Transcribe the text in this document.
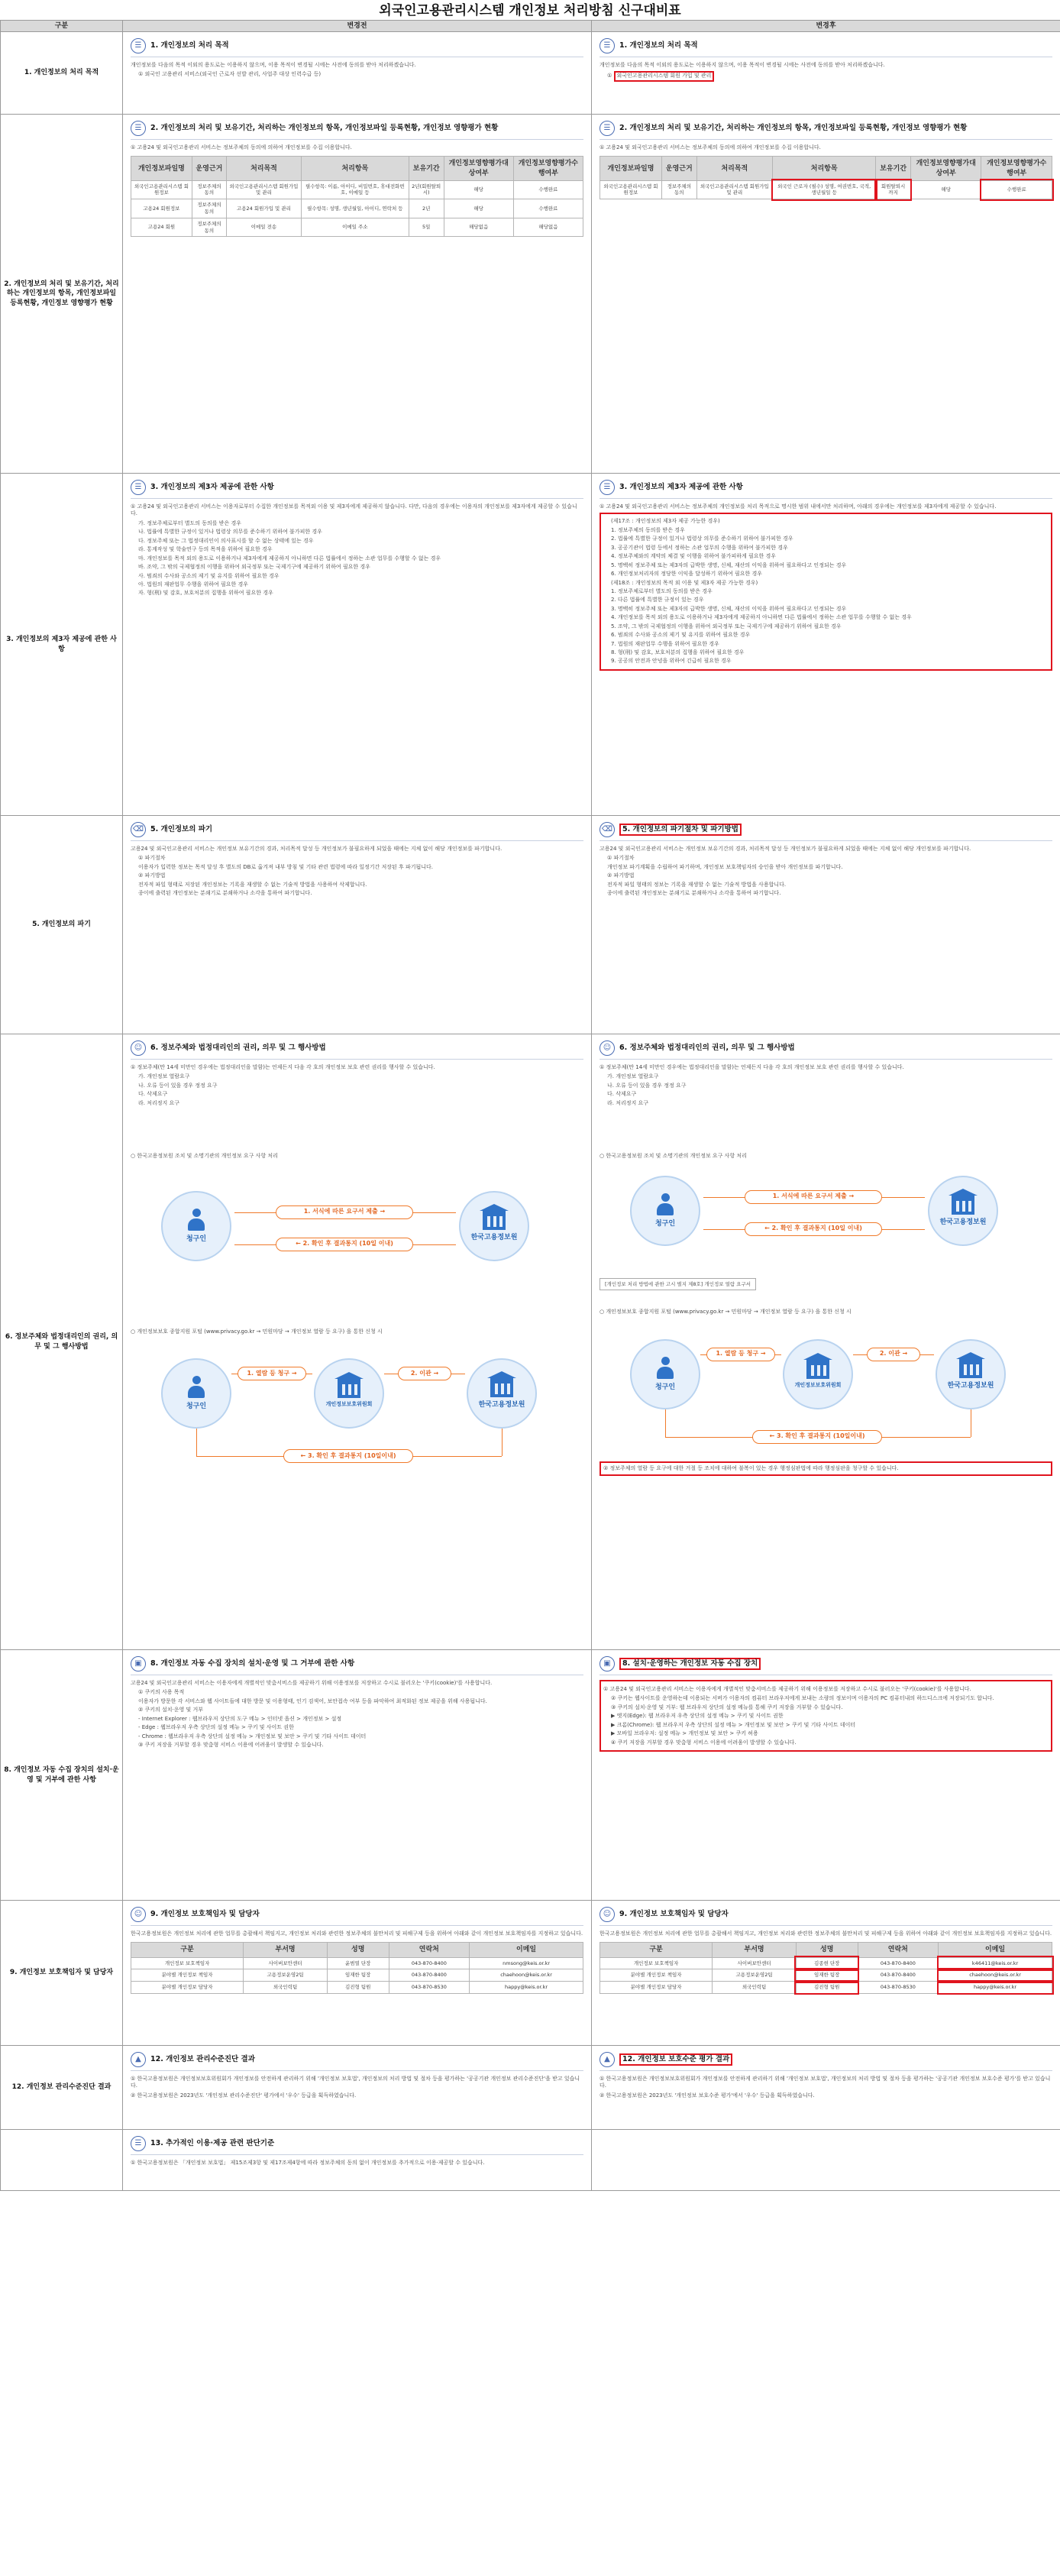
외국인고용관리시스템 개인정보 처리방침 신구대비표
구분	변경전	변경후
1. 개인정보의 처리 목적	
☰	1. 개인정보의 처리 목적

개인정보를 다음의 목적 이외의 용도로는 이용하지 않으며, 이용 목적이 변경될 시에는 사전에 동의를 받아 처리하겠습니다.

① 외국인 고용관리 서비스(외국인 근로자 선발 관리, 사업주 대상 인력수급 등)

☰	1. 개인정보의 처리 목적

개인정보를 다음의 목적 이외의 용도로는 이용하지 않으며, 이용 목적이 변경될 시에는 사전에 동의를 받아 처리하겠습니다.

① 외국인고용관리시스템 회원 가입 및 관리

2. 개인정보의 처리 및 보유기간, 처리하는 개인정보의 항목, 개인정보파일 등록현황, 개인정보 영향평가 현황	
☰	2. 개인정보의 처리 및 보유기간, 처리하는 개인정보의 항목, 개인정보파일 등록현황, 개인정보 영향평가 현황

① 고용24 및 외국인고용관리 서비스는 정보주체의 동의에 의하여 개인정보를 수집 이용합니다.

개인정보파일명	운영근거	처리목적	처리항목	보유기간	개인정보영향평가대상여부	개인정보영향평가수행여부
외국인고용관리시스템 회원정보	정보주체의 동의	외국인고용관리시스템 회원가입 및 관리	필수항목: 이름, 아이디, 비밀번호, 휴대전화번호, 이메일 등	2년(회원탈퇴시)	해당	수행완료
고용24 회원정보	정보주체의 동의	고용24 회원가입 및 관리	필수항목: 성명, 생년월일, 아이디, 연락처 등	2년	해당	수행완료
고용24 회원	정보주체의 동의	이메일 전송	이메일 주소	5일	해당없음	해당없음

☰	2. 개인정보의 처리 및 보유기간, 처리하는 개인정보의 항목, 개인정보파일 등록현황, 개인정보 영향평가 현황

① 고용24 및 외국인고용관리 서비스는 정보주체의 동의에 의하여 개인정보를 수집 이용합니다.

개인정보파일명	운영근거	처리목적	처리항목	보유기간	개인정보영향평가대상여부	개인정보영향평가수행여부
외국인고용관리시스템 회원정보	정보주체의 동의	외국인고용관리시스템 회원가입 및 관리	외국인 근로자 (필수) 성명, 여권번호, 국적, 생년월일 등	회원탈퇴시 까지	해당	수행완료

3. 개인정보의 제3자 제공에 관한 사항	
☰	3. 개인정보의 제3자 제공에 관한 사항

① 고용24 및 외국인고용관리 서비스는 이용자로부터 수집한 개인정보를 목적외 이용 및 제3자에게 제공하지 않습니다. 다만, 다음의 경우에는 이용자의 개인정보를 제3자에게 제공할 수 있습니다.

가. 정보주체로부터 별도의 동의를 받은 경우

나. 법률에 특별한 규정이 있거나 법령상 의무를 준수하기 위하여 불가피한 경우

다. 정보주체 또는 그 법정대리인이 의사표시를 할 수 없는 상태에 있는 경우

라. 통계작성 및 학술연구 등의 목적을 위하여 필요한 경우

마. 개인정보를 목적 외의 용도로 이용하거나 제3자에게 제공하지 아니하면 다른 법률에서 정하는 소관 업무를 수행할 수 없는 경우

바. 조약, 그 밖의 국제협정의 이행을 위하여 외국정부 또는 국제기구에 제공하기 위하여 필요한 경우

사. 범죄의 수사와 공소의 제기 및 유지를 위하여 필요한 경우

아. 법원의 재판업무 수행을 위하여 필요한 경우

자. 형(刑) 및 감호, 보호처분의 집행을 위하여 필요한 경우

☰	3. 개인정보의 제3자 제공에 관한 사항

① 고용24 및 외국인고용관리 서비스는 정보주체의 개인정보를 처리 목적으로 명시한 범위 내에서만 처리하며, 아래의 경우에는 개인정보를 제3자에게 제공할 수 있습니다.

(제17조 : 개인정보의 제3자 제공 가능한 경우)

1. 정보주체의 동의를 받은 경우

2. 법률에 특별한 규정이 있거나 법령상 의무를 준수하기 위하여 불가피한 경우

3. 공공기관이 법령 등에서 정하는 소관 업무의 수행을 위하여 불가피한 경우

4. 정보주체와의 계약의 체결 및 이행을 위하여 불가피하게 필요한 경우

5. 명백히 정보주체 또는 제3자의 급박한 생명, 신체, 재산의 이익을 위하여 필요하다고 인정되는 경우

6. 개인정보처리자의 정당한 이익을 달성하기 위하여 필요한 경우

(제18조 : 개인정보의 목적 외 이용 및 제3자 제공 가능한 경우)

1. 정보주체로부터 별도의 동의를 받은 경우

2. 다른 법률에 특별한 규정이 있는 경우

3. 명백히 정보주체 또는 제3자의 급박한 생명, 신체, 재산의 이익을 위하여 필요하다고 인정되는 경우

4. 개인정보를 목적 외의 용도로 이용하거나 제3자에게 제공하지 아니하면 다른 법률에서 정하는 소관 업무를 수행할 수 없는 경우

5. 조약, 그 밖의 국제협정의 이행을 위하여 외국정부 또는 국제기구에 제공하기 위하여 필요한 경우

6. 범죄의 수사와 공소의 제기 및 유지를 위하여 필요한 경우

7. 법원의 재판업무 수행을 위하여 필요한 경우

8. 형(刑) 및 감호, 보호처분의 집행을 위하여 필요한 경우

9. 공공의 안전과 안녕을 위하여 긴급히 필요한 경우

5. 개인정보의 파기	
⌫ 5. 개인정보의 파기

고용24 및 외국인고용관리 서비스는 개인정보 보유기간의 경과, 처리목적 달성 등 개인정보가 불필요하게 되었을 때에는 지체 없이 해당 개인정보를 파기합니다.

① 파기절차

이용자가 입력한 정보는 목적 달성 후 별도의 DB로 옮겨져 내부 방침 및 기타 관련 법령에 따라 일정기간 저장된 후 파기됩니다.

② 파기방법

전자적 파일 형태로 저장된 개인정보는 기록을 재생할 수 없는 기술적 방법을 사용하여 삭제합니다.

종이에 출력된 개인정보는 분쇄기로 분쇄하거나 소각을 통하여 파기합니다.

⌫	5. 개인정보의 파기절차 및 파기방법

고용24 및 외국인고용관리 서비스는 개인정보 보유기간의 경과, 처리목적 달성 등 개인정보가 불필요하게 되었을 때에는 지체 없이 해당 개인정보를 파기합니다.

① 파기절차

개인정보 파기계획을 수립하여 파기하며, 개인정보 보호책임자의 승인을 받아 개인정보를 파기합니다.

② 파기방법

전자적 파일 형태의 정보는 기록을 재생할 수 없는 기술적 방법을 사용합니다.

종이에 출력된 개인정보는 분쇄기로 분쇄하거나 소각을 통하여 파기합니다.

6. 정보주체와 법정대리인의 권리, 의무 및 그 행사방법	
☺	6. 정보주체와 법정대리인의 권리, 의무 및 그 행사방법

① 정보주체(만 14세 미만인 경우에는 법정대리인을 말함)는 언제든지 다음 각 호의 개인정보 보호 관련 권리를 행사할 수 있습니다.

가. 개인정보 열람요구

나. 오류 등이 있을 경우 정정 요구

다. 삭제요구

라. 처리정지 요구

○ 한국고용정보원 조치 및 소명기관의 개인정보 요구 사항 처리

청구인	한국고용정보원
1. 서식에 따른 요구서 제출 →
← 2. 확인 후 결과통지 (10일 이내)

○ 개인정보보호 종합지원 포털 (www.privacy.go.kr → 민원마당 → 개인정보 열람 등 요구) 을 통한 신청 시

청구인	개인정보보호위원회	한국고용정보원
1. 열람 등 청구 →	2. 이관 →
← 3. 확인 후 결과통지 (10일이내)

☺	6. 정보주체와 법정대리인의 권리, 의무 및 그 행사방법

① 정보주체(만 14세 미만인 경우에는 법정대리인을 말함)는 언제든지 다음 각 호의 개인정보 보호 관련 권리를 행사할 수 있습니다.

가. 개인정보 열람요구

나. 오류 등이 있을 경우 정정 요구

다. 삭제요구

라. 처리정지 요구

○ 한국고용정보원 조치 및 소명기관의 개인정보 요구 사항 처리

청구인	한국고용정보원
1. 서식에 따른 요구서 제출 →
← 2. 확인 후 결과통지 (10일 이내)
[개인정보 처리 방법에 관한 고시 별지 제8호] 개인정보 열람 요구서

○ 개인정보보호 종합지원 포털 (www.privacy.go.kr → 민원마당 → 개인정보 열람 등 요구) 을 통한 신청 시

청구인	개인정보보호위원회	한국고용정보원
1. 열람 등 청구 →	2. 이관 →
← 3. 확인 후 결과통지 (10일이내)

② 정보주체의 열람 등 요구에 대한 거절 등 조치에 대하여 불복이 있는 경우 행정심판법에 따라 행정심판을 청구할 수 있습니다.

8. 개인정보 자동 수집 장치의 설치·운영 및 거부에 관한 사항	
▣	8. 개인정보 자동 수집 장치의 설치·운영 및 그 거부에 관한 사항

고용24 및 외국인고용관리 서비스는 이용자에게 개별적인 맞춤서비스를 제공하기 위해 이용정보를 저장하고 수시로 불러오는 '쿠키(cookie)'를 사용합니다.

① 쿠키의 사용 목적

이용자가 방문한 각 서비스와 웹 사이트들에 대한 방문 및 이용형태, 인기 검색어, 보안접속 여부 등을 파악하여 최적화된 정보 제공을 위해 사용됩니다.

② 쿠키의 설치·운영 및 거부

- Internet Explorer : 웹브라우저 상단의 도구 메뉴 > 인터넷 옵션 > 개인정보 > 설정

- Edge : 웹브라우저 우측 상단의 설정 메뉴 > 쿠키 및 사이트 권한

- Chrome : 웹브라우저 우측 상단의 설정 메뉴 > 개인정보 및 보안 > 쿠키 및 기타 사이트 데이터

③ 쿠키 저장을 거부할 경우 맞춤형 서비스 이용에 어려움이 발생할 수 있습니다.

▣	8. 설치·운영하는 개인정보 자동 수집 장치

① 고용24 및 외국인고용관리 서비스는 이용자에게 개별적인 맞춤서비스를 제공하기 위해 이용정보를 저장하고 수시로 불러오는 '쿠키(cookie)'를 사용합니다.

② 쿠키는 웹사이트를 운영하는데 이용되는 서버가 이용자의 컴퓨터 브라우저에게 보내는 소량의 정보이며 이용자의 PC 컴퓨터내의 하드디스크에 저장되기도 합니다.

③ 쿠키의 설치·운영 및 거부: 웹 브라우저 상단의 설정 메뉴를 통해 쿠키 저장을 거부할 수 있습니다.

▶ 엣지(Edge): 웹 브라우저 우측 상단의 설정 메뉴 > 쿠키 및 사이트 권한

▶ 크롬(Chrome): 웹 브라우저 우측 상단의 설정 메뉴 > 개인정보 및 보안 > 쿠키 및 기타 사이트 데이터

▶ 모바일 브라우저: 설정 메뉴 > 개인정보 및 보안 > 쿠키 허용

④ 쿠키 저장을 거부할 경우 맞춤형 서비스 이용에 어려움이 발생할 수 있습니다.

9. 개인정보 보호책임자 및 담당자	
☺	9. 개인정보 보호책임자 및 담당자

한국고용정보원은 개인정보 처리에 관한 업무를 총괄해서 책임지고, 개인정보 처리와 관련한 정보주체의 불만처리 및 피해구제 등을 위하여 아래와 같이 개인정보 보호책임자를 지정하고 있습니다.

구분	부서명	성명	연락처	이메일
개인정보 보호책임자	사이버보안센터	윤범열 단장	043-870-8400	nmsong@keis.or.kr
분야별 개인정보 책임자	고용정보운영2팀	임재한 팀장	043-870-8400	chaehoon@keis.or.kr
분야별 개인정보 담당자	외국인력팀	김진형 팀원	043-870-8530	happy@keis.or.kr

☺	9. 개인정보 보호책임자 및 담당자

한국고용정보원은 개인정보 처리에 관한 업무를 총괄해서 책임지고, 개인정보 처리와 관련한 정보주체의 불만처리 및 피해구제 등을 위하여 아래와 같이 개인정보 보호책임자를 지정하고 있습니다.

구분	부서명	성명	연락처	이메일
개인정보 보호책임자	사이버보안센터	김종현 단장	043-870-8400	k46411@keis.or.kr
분야별 개인정보 책임자	고용정보운영2팀	임재한 팀장	043-870-8400	chaehoon@keis.or.kr
분야별 개인정보 담당자	외국인력팀	김진형 팀원	043-870-8530	happy@keis.or.kr

12. 개인정보 관리수준진단 결과	
▲	12. 개인정보 관리수준진단 결과

① 한국고용정보원은 개인정보보호위원회가 개인정보를 안전하게 관리하기 위해 '개인정보 보호법', 개인정보의 처리 방법 및 절차 등을 평가하는 '공공기관 개인정보 관리수준진단'을 받고 있습니다.

② 한국고용정보원은 2023년도 '개인정보 관리수준진단' 평가에서 '우수' 등급을 획득하였습니다.

▲	12. 개인정보 보호수준 평가 결과

① 한국고용정보원은 개인정보보호위원회가 개인정보를 안전하게 관리하기 위해 '개인정보 보호법', 개인정보의 처리 방법 및 절차 등을 평가하는 '공공기관 개인정보 보호수준 평가'를 받고 있습니다.

② 한국고용정보원은 2023년도 '개인정보 보호수준 평가'에서 '우수' 등급을 획득하였습니다.

☰	13. 추가적인 이용·제공 관련 판단기준

① 한국고용정보원은 「개인정보 보호법」 제15조제3항 및 제17조제4항에 따라 정보주체의 동의 없이 개인정보를 추가적으로 이용·제공할 수 있습니다.
